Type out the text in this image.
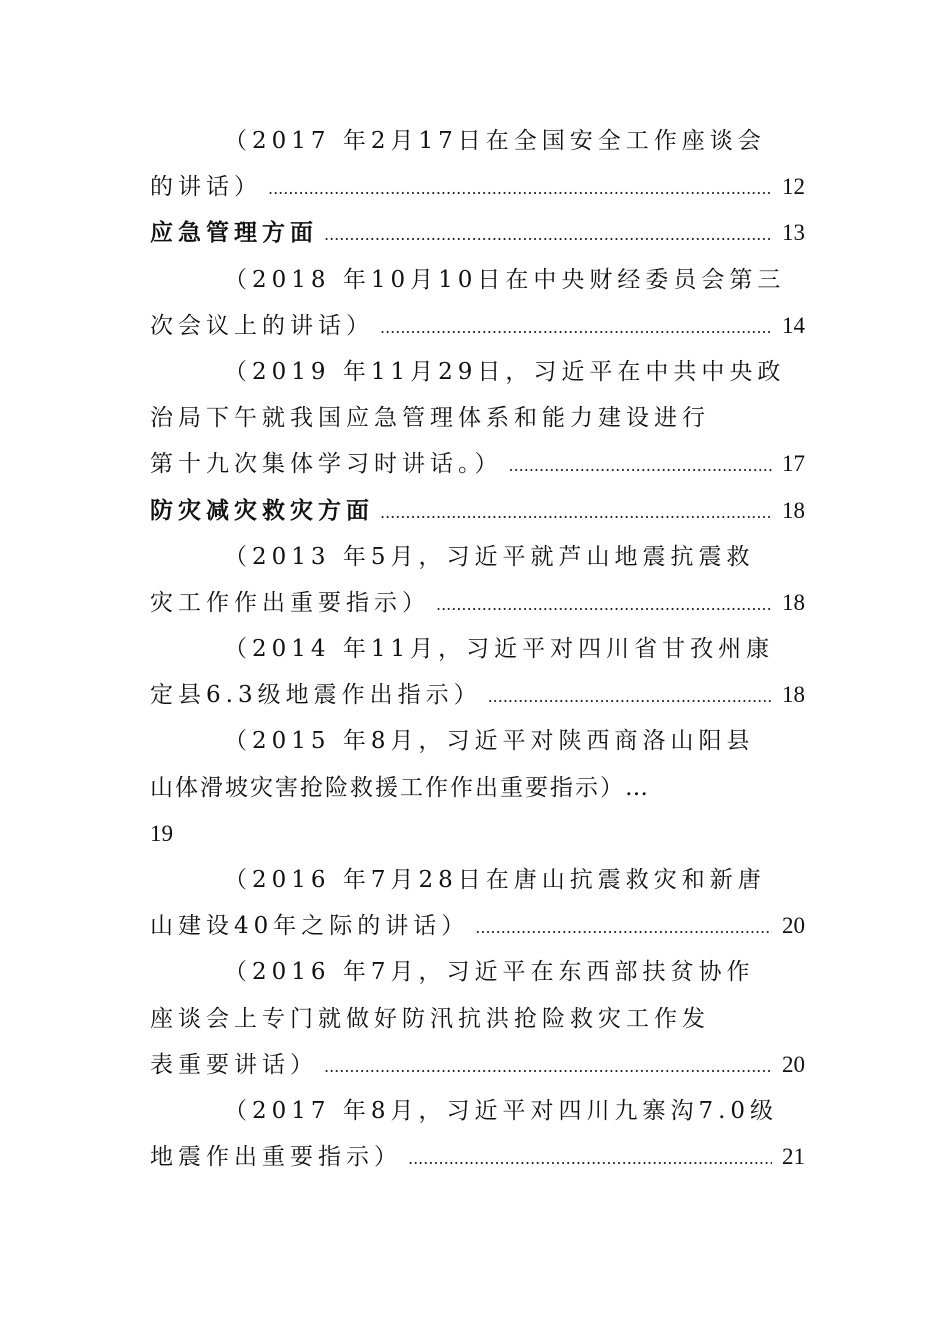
（2017 年2月17日在全国安全工作座谈会
的讲话） .....	12
应急管理方面 .....	13
（2018 年10月10日在中央财经委员会第三
次会议上的讲话） .....	14
（2019 年11月29日，习近平在中共中央政
治局下午就我国应急管理体系和能力建设进行
第十九次集体学习时讲话。） .....	17
防灾减灾救灾方面 .....	18
（2013 年5月，习近平就芦山地震抗震救
灾工作作出重要指示） .....	18
（2014 年11月，习近平对四川省甘孜州康
定县6.3级地震作出指示） .....	18
（2015 年8月，习近平对陕西商洛山阳县
山体滑坡灾害抢险救援工作作出重要指示）…
19
（2016 年7月28日在唐山抗震救灾和新唐
山建设40年之际的讲话） .....	20
（2016 年7月，习近平在东西部扶贫协作
座谈会上专门就做好防汛抗洪抢险救灾工作发
表重要讲话） .....	20
（2017 年8月，习近平对四川九寨沟7.0级
地震作出重要指示） .....	21
